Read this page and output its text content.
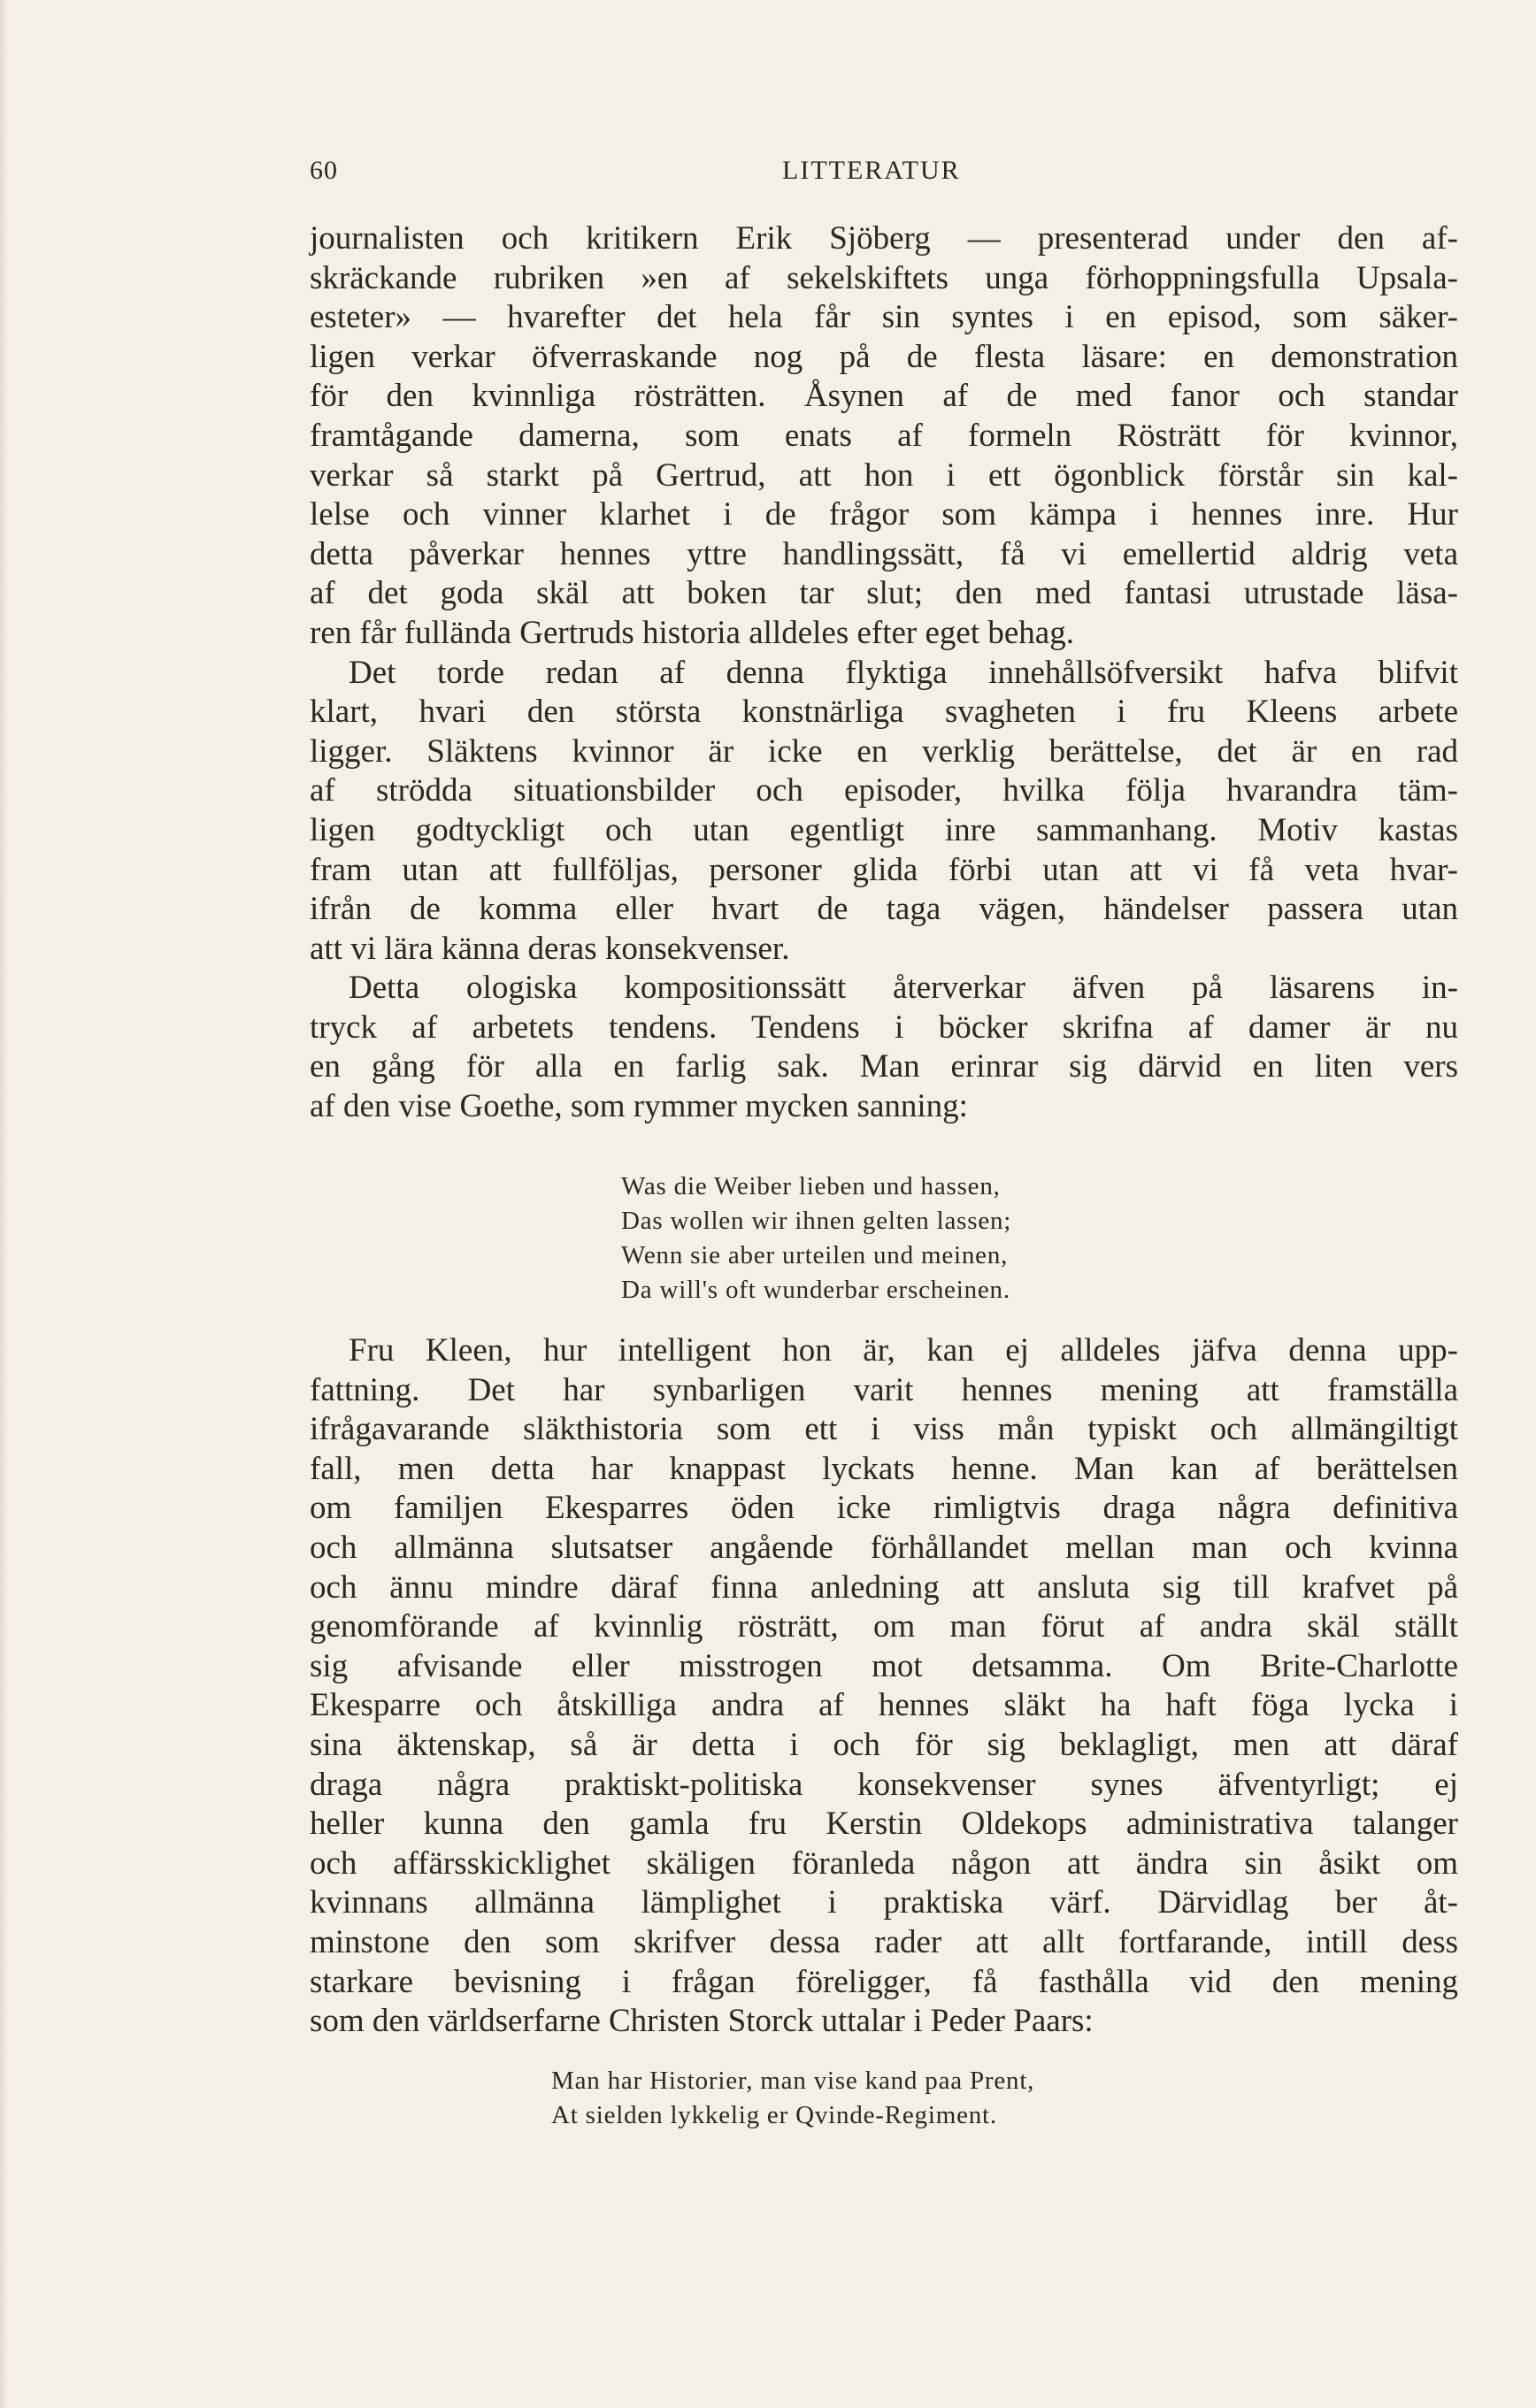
60	LITTERATUR
journalisten och kritikern Erik Sjöberg — presenterad under den af-
skräckande rubriken »en af sekelskiftets unga förhoppningsfulla Upsala-
esteter» — hvarefter det hela får sin syntes i en episod, som säker-
ligen verkar öfverraskande nog på de flesta läsare: en demonstration
för den kvinnliga rösträtten. Åsynen af de med fanor och standar
framtågande damerna, som enats af formeln Rösträtt för kvinnor,
verkar så starkt på Gertrud, att hon i ett ögonblick förstår sin kal-
lelse och vinner klarhet i de frågor som kämpa i hennes inre. Hur
detta påverkar hennes yttre handlingssätt, få vi emellertid aldrig veta
af det goda skäl att boken tar slut; den med fantasi utrustade läsa-
ren får fullända Gertruds historia alldeles efter eget behag.
Det torde redan af denna flyktiga innehållsöfversikt hafva blifvit
klart, hvari den största konstnärliga svagheten i fru Kleens arbete
ligger. Släktens kvinnor är icke en verklig berättelse, det är en rad
af strödda situationsbilder och episoder, hvilka följa hvarandra täm-
ligen godtyckligt och utan egentligt inre sammanhang. Motiv kastas
fram utan att fullföljas, personer glida förbi utan att vi få veta hvar-
ifrån de komma eller hvart de taga vägen, händelser passera utan
att vi lära känna deras konsekvenser.
Detta ologiska kompositionssätt återverkar äfven på läsarens in-
tryck af arbetets tendens. Tendens i böcker skrifna af damer är nu
en gång för alla en farlig sak. Man erinrar sig därvid en liten vers
af den vise Goethe, som rymmer mycken sanning:
Was die Weiber lieben und hassen,
Das wollen wir ihnen gelten lassen;
Wenn sie aber urteilen und meinen,
Da will's oft wunderbar erscheinen.
Fru Kleen, hur intelligent hon är, kan ej alldeles jäfva denna upp-
fattning. Det har synbarligen varit hennes mening att framställa
ifrågavarande släkthistoria som ett i viss mån typiskt och allmängiltigt
fall, men detta har knappast lyckats henne. Man kan af berättelsen
om familjen Ekesparres öden icke rimligtvis draga några definitiva
och allmänna slutsatser angående förhållandet mellan man och kvinna
och ännu mindre däraf finna anledning att ansluta sig till krafvet på
genomförande af kvinnlig rösträtt, om man förut af andra skäl ställt
sig afvisande eller misstrogen mot detsamma. Om Brite-Charlotte
Ekesparre och åtskilliga andra af hennes släkt ha haft föga lycka i
sina äktenskap, så är detta i och för sig beklagligt, men att däraf
draga några praktiskt-politiska konsekvenser synes äfventyrligt; ej
heller kunna den gamla fru Kerstin Oldekops administrativa talanger
och affärsskicklighet skäligen föranleda någon att ändra sin åsikt om
kvinnans allmänna lämplighet i praktiska värf. Därvidlag ber åt-
minstone den som skrifver dessa rader att allt fortfarande, intill dess
starkare bevisning i frågan föreligger, få fasthålla vid den mening
som den världserfarne Christen Storck uttalar i Peder Paars:
Man har Historier, man vise kand paa Prent,
At sielden lykkelig er Qvinde-Regiment.
